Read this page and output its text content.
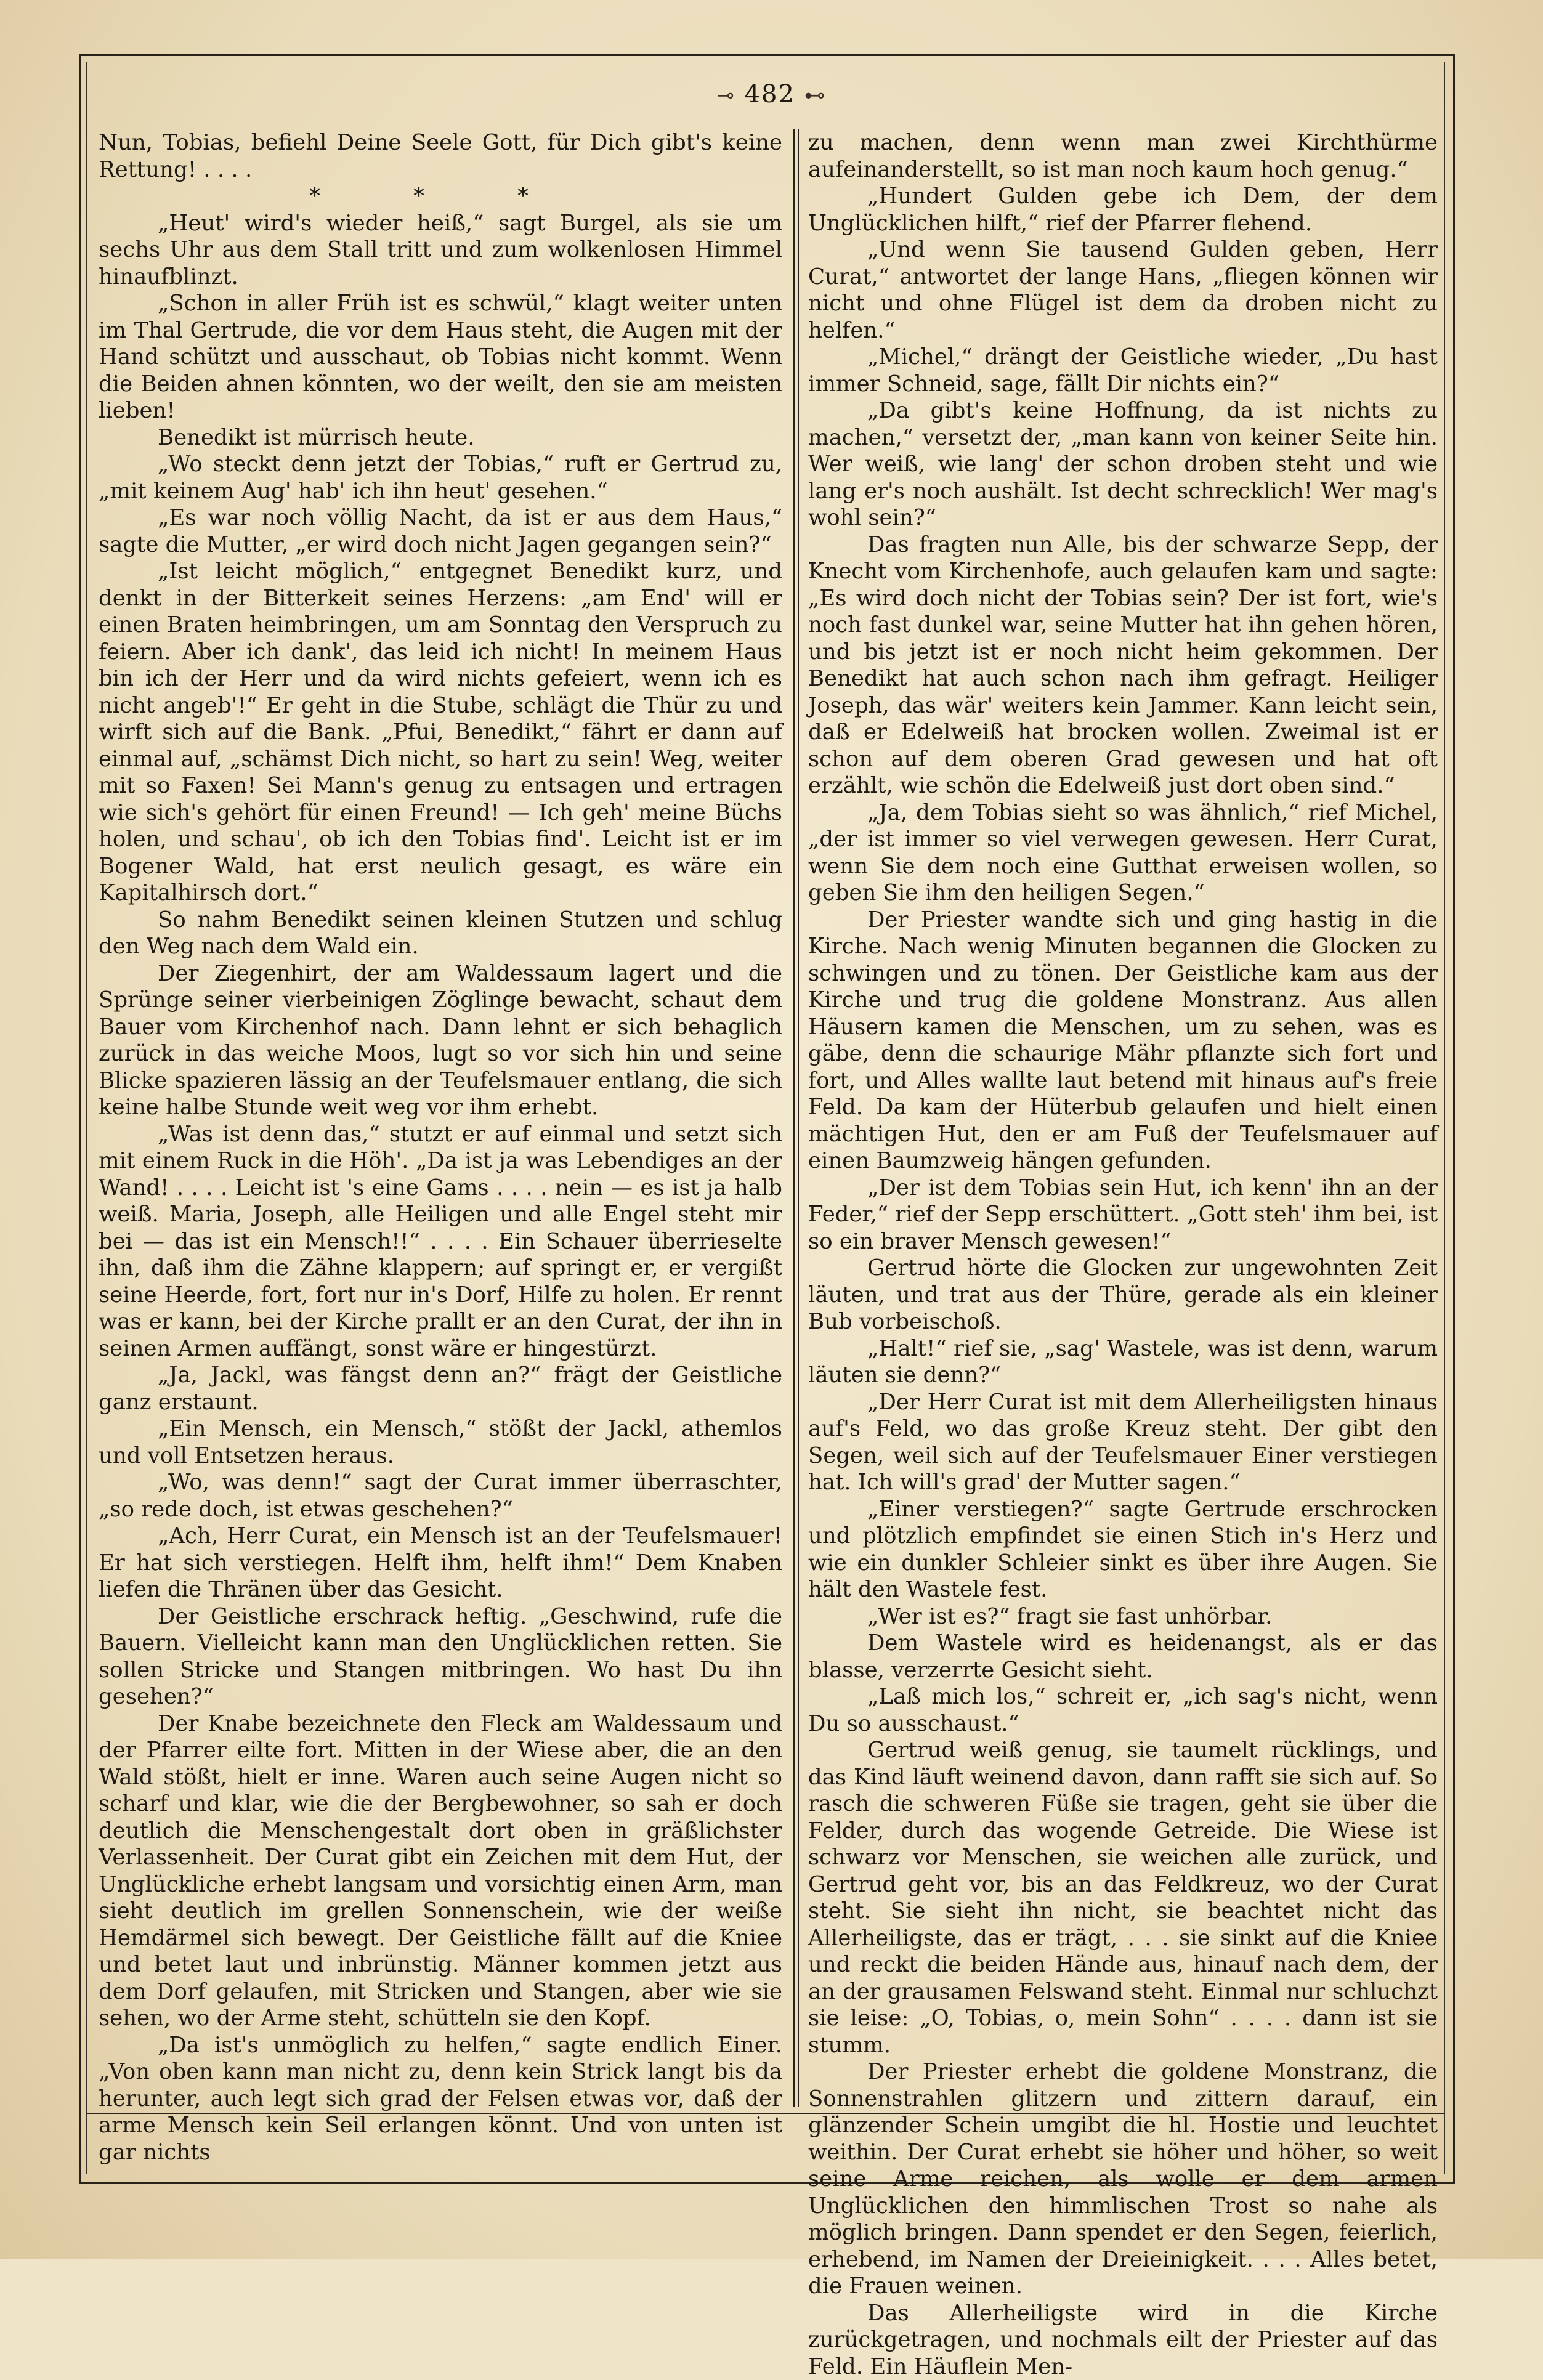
⊸ 482 ⊷

Nun, Tobias, befiehl Deine Seele Gott, für Dich gibt's keine Rettung! . . . .

* * *

„Heut' wird's wieder heiß,“ sagt Burgel, als sie um sechs Uhr aus dem Stall tritt und zum wolkenlosen Himmel hinaufblinzt.

„Schon in aller Früh ist es schwül,“ klagt weiter unten im Thal Gertrude, die vor dem Haus steht, die Augen mit der Hand schützt und ausschaut, ob Tobias nicht kommt. Wenn die Beiden ahnen könnten, wo der weilt, den sie am meisten lieben!

Benedikt ist mürrisch heute.

„Wo steckt denn jetzt der Tobias,“ ruft er Gertrud zu, „mit keinem Aug' hab' ich ihn heut' gesehen.“

„Es war noch völlig Nacht, da ist er aus dem Haus,“ sagte die Mutter, „er wird doch nicht Jagen gegangen sein?“

„Ist leicht möglich,“ entgegnet Benedikt kurz, und denkt in der Bitterkeit seines Herzens: „am End' will er einen Braten heimbringen, um am Sonntag den Verspruch zu feiern. Aber ich dank', das leid ich nicht! In meinem Haus bin ich der Herr und da wird nichts gefeiert, wenn ich es nicht angeb'!“ Er geht in die Stube, schlägt die Thür zu und wirft sich auf die Bank. „Pfui, Benedikt,“ fährt er dann auf einmal auf, „schämst Dich nicht, so hart zu sein! Weg, weiter mit so Faxen! Sei Mann's genug zu entsagen und ertragen wie sich's gehört für einen Freund! — Ich geh' meine Büchs holen, und schau', ob ich den Tobias find'. Leicht ist er im Bogener Wald, hat erst neulich gesagt, es wäre ein Kapitalhirsch dort.“

So nahm Benedikt seinen kleinen Stutzen und schlug den Weg nach dem Wald ein.

Der Ziegenhirt, der am Waldessaum lagert und die Sprünge seiner vierbeinigen Zöglinge bewacht, schaut dem Bauer vom Kirchenhof nach. Dann lehnt er sich behaglich zurück in das weiche Moos, lugt so vor sich hin und seine Blicke spazieren lässig an der Teufelsmauer entlang, die sich keine halbe Stunde weit weg vor ihm erhebt.

„Was ist denn das,“ stutzt er auf einmal und setzt sich mit einem Ruck in die Höh'. „Da ist ja was Lebendiges an der Wand! . . . . Leicht ist 's eine Gams . . . . nein — es ist ja halb weiß. Maria, Joseph, alle Heiligen und alle Engel steht mir bei — das ist ein Mensch!!“ . . . . Ein Schauer überrieselte ihn, daß ihm die Zähne klappern; auf springt er, er vergißt seine Heerde, fort, fort nur in's Dorf, Hilfe zu holen. Er rennt was er kann, bei der Kirche prallt er an den Curat, der ihn in seinen Armen auffängt, sonst wäre er hingestürzt.

„Ja, Jackl, was fängst denn an?“ frägt der Geistliche ganz erstaunt.

„Ein Mensch, ein Mensch,“ stößt der Jackl, athemlos und voll Entsetzen heraus.

„Wo, was denn!“ sagt der Curat immer überraschter, „so rede doch, ist etwas geschehen?“

„Ach, Herr Curat, ein Mensch ist an der Teufelsmauer! Er hat sich verstiegen. Helft ihm, helft ihm!“ Dem Knaben liefen die Thränen über das Gesicht.

Der Geistliche erschrack heftig. „Geschwind, rufe die Bauern. Vielleicht kann man den Unglücklichen retten. Sie sollen Stricke und Stangen mitbringen. Wo hast Du ihn gesehen?“

Der Knabe bezeichnete den Fleck am Waldessaum und der Pfarrer eilte fort. Mitten in der Wiese aber, die an den Wald stößt, hielt er inne. Waren auch seine Augen nicht so scharf und klar, wie die der Bergbewohner, so sah er doch deutlich die Menschengestalt dort oben in gräßlichster Verlassenheit. Der Curat gibt ein Zeichen mit dem Hut, der Unglückliche erhebt langsam und vorsichtig einen Arm, man sieht deutlich im grellen Sonnenschein, wie der weiße Hemdärmel sich bewegt. Der Geistliche fällt auf die Kniee und betet laut und inbrünstig. Männer kommen jetzt aus dem Dorf gelaufen, mit Stricken und Stangen, aber wie sie sehen, wo der Arme steht, schütteln sie den Kopf.

„Da ist's unmöglich zu helfen,“ sagte endlich Einer. „Von oben kann man nicht zu, denn kein Strick langt bis da herunter, auch legt sich grad der Felsen etwas vor, daß der arme Mensch kein Seil erlangen könnt. Und von unten ist gar nichts

zu machen, denn wenn man zwei Kirchthürme aufeinanderstellt, so ist man noch kaum hoch genug.“

„Hundert Gulden gebe ich Dem, der dem Unglücklichen hilft,“ rief der Pfarrer flehend.

„Und wenn Sie tausend Gulden geben, Herr Curat,“ antwortet der lange Hans, „fliegen können wir nicht und ohne Flügel ist dem da droben nicht zu helfen.“

„Michel,“ drängt der Geistliche wieder, „Du hast immer Schneid, sage, fällt Dir nichts ein?“

„Da gibt's keine Hoffnung, da ist nichts zu machen,“ versetzt der, „man kann von keiner Seite hin. Wer weiß, wie lang' der schon droben steht und wie lang er's noch aushält. Ist decht schrecklich! Wer mag's wohl sein?“

Das fragten nun Alle, bis der schwarze Sepp, der Knecht vom Kirchenhofe, auch gelaufen kam und sagte: „Es wird doch nicht der Tobias sein? Der ist fort, wie's noch fast dunkel war, seine Mutter hat ihn gehen hören, und bis jetzt ist er noch nicht heim gekommen. Der Benedikt hat auch schon nach ihm gefragt. Heiliger Joseph, das wär' weiters kein Jammer. Kann leicht sein, daß er Edelweiß hat brocken wollen. Zweimal ist er schon auf dem oberen Grad gewesen und hat oft erzählt, wie schön die Edelweiß just dort oben sind.“

„Ja, dem Tobias sieht so was ähnlich,“ rief Michel, „der ist immer so viel verwegen gewesen. Herr Curat, wenn Sie dem noch eine Gutthat erweisen wollen, so geben Sie ihm den heiligen Segen.“

Der Priester wandte sich und ging hastig in die Kirche. Nach wenig Minuten begannen die Glocken zu schwingen und zu tönen. Der Geistliche kam aus der Kirche und trug die goldene Monstranz. Aus allen Häusern kamen die Menschen, um zu sehen, was es gäbe, denn die schaurige Mähr pflanzte sich fort und fort, und Alles wallte laut betend mit hinaus auf's freie Feld. Da kam der Hüterbub gelaufen und hielt einen mächtigen Hut, den er am Fuß der Teufelsmauer auf einen Baumzweig hängen gefunden.

„Der ist dem Tobias sein Hut, ich kenn' ihn an der Feder,“ rief der Sepp erschüttert. „Gott steh' ihm bei, ist so ein braver Mensch gewesen!“

Gertrud hörte die Glocken zur ungewohnten Zeit läuten, und trat aus der Thüre, gerade als ein kleiner Bub vorbeischoß.

„Halt!“ rief sie, „sag' Wastele, was ist denn, warum läuten sie denn?“

„Der Herr Curat ist mit dem Allerheiligsten hinaus auf's Feld, wo das große Kreuz steht. Der gibt den Segen, weil sich auf der Teufelsmauer Einer verstiegen hat. Ich will's grad' der Mutter sagen.“

„Einer verstiegen?“ sagte Gertrude erschrocken und plötzlich empfindet sie einen Stich in's Herz und wie ein dunkler Schleier sinkt es über ihre Augen. Sie hält den Wastele fest.

„Wer ist es?“ fragt sie fast unhörbar.

Dem Wastele wird es heidenangst, als er das blasse, verzerrte Gesicht sieht.

„Laß mich los,“ schreit er, „ich sag's nicht, wenn Du so ausschaust.“

Gertrud weiß genug, sie taumelt rücklings, und das Kind läuft weinend davon, dann rafft sie sich auf. So rasch die schweren Füße sie tragen, geht sie über die Felder, durch das wogende Getreide. Die Wiese ist schwarz vor Menschen, sie weichen alle zurück, und Gertrud geht vor, bis an das Feldkreuz, wo der Curat steht. Sie sieht ihn nicht, sie beachtet nicht das Allerheiligste, das er trägt, . . . sie sinkt auf die Kniee und reckt die beiden Hände aus, hinauf nach dem, der an der grausamen Felswand steht. Einmal nur schluchzt sie leise: „O, Tobias, o, mein Sohn“ . . . . dann ist sie stumm.

Der Priester erhebt die goldene Monstranz, die Sonnenstrahlen glitzern und zittern darauf, ein glänzender Schein umgibt die hl. Hostie und leuchtet weithin. Der Curat erhebt sie höher und höher, so weit seine Arme reichen, als wolle er dem armen Unglücklichen den himmlischen Trost so nahe als möglich bringen. Dann spendet er den Segen, feierlich, erhebend, im Namen der Dreieinigkeit. . . . Alles betet, die Frauen weinen.

Das Allerheiligste wird in die Kirche zurückgetragen, und nochmals eilt der Priester auf das Feld. Ein Häuflein Men-
